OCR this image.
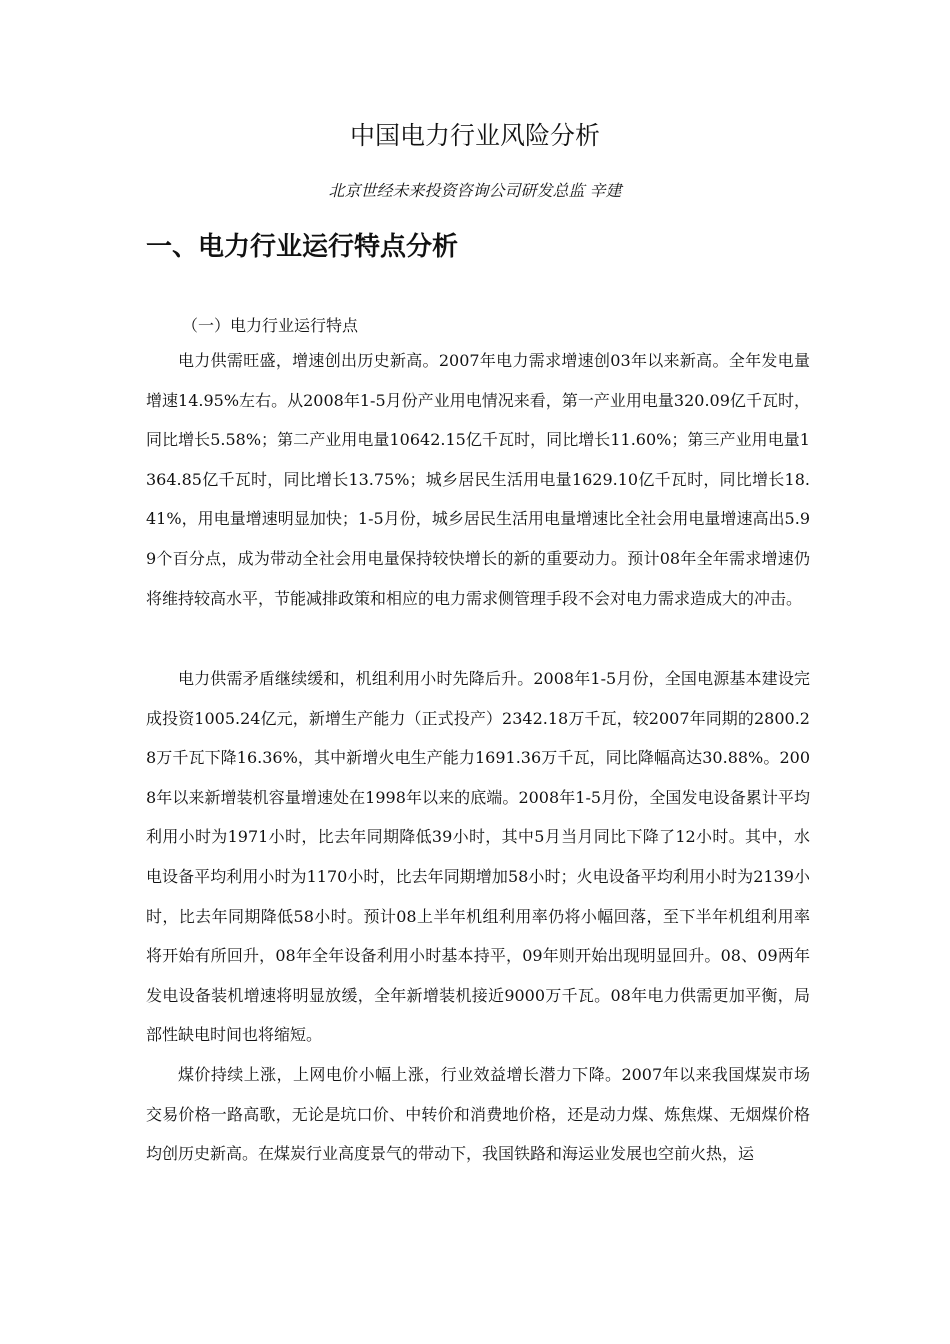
中国电力行业风险分析
北京世经未来投资咨询公司研发总监 辛建
一、电力行业运行特点分析
（一）电力行业运行特点

电力供需旺盛，增速创出历史新高。2007年电力需求增速创03年以来新高。全年发电量增速14.95%左右。从2008年1-5月份产业用电情况来看，第一产业用电量320.09亿千瓦时，同比增长5.58%；第二产业用电量10642.15亿千瓦时，同比增长11.60%；第三产业用电量1364.85亿千瓦时，同比增长13.75%；城乡居民生活用电量1629.10亿千瓦时，同比增长18.41%，用电量增速明显加快；1-5月份，城乡居民生活用电量增速比全社会用电量增速高出5.99个百分点，成为带动全社会用电量保持较快增长的新的重要动力。预计08年全年需求增速仍将维持较高水平，节能减排政策和相应的电力需求侧管理手段不会对电力需求造成大的冲击。

电力供需矛盾继续缓和，机组利用小时先降后升。2008年1-5月份，全国电源基本建设完成投资1005.24亿元，新增生产能力（正式投产）2342.18万千瓦，较2007年同期的2800.28万千瓦下降16.36%，其中新增火电生产能力1691.36万千瓦，同比降幅高达30.88%。2008年以来新增装机容量增速处在1998年以来的底端。2008年1-5月份，全国发电设备累计平均利用小时为1971小时，比去年同期降低39小时，其中5月当月同比下降了12小时。其中，水电设备平均利用小时为1170小时，比去年同期增加58小时；火电设备平均利用小时为2139小时，比去年同期降低58小时。预计08上半年机组利用率仍将小幅回落，至下半年机组利用率将开始有所回升，08年全年设备利用小时基本持平，09年则开始出现明显回升。08、09两年发电设备装机增速将明显放缓，全年新增装机接近9000万千瓦。08年电力供需更加平衡，局部性缺电时间也将缩短。

煤价持续上涨，上网电价小幅上涨，行业效益增长潜力下降。2007年以来我国煤炭市场交易价格一路高歌，无论是坑口价、中转价和消费地价格，还是动力煤、炼焦煤、无烟煤价格均创历史新高。在煤炭行业高度景气的带动下，我国铁路和海运业发展也空前火热，运
